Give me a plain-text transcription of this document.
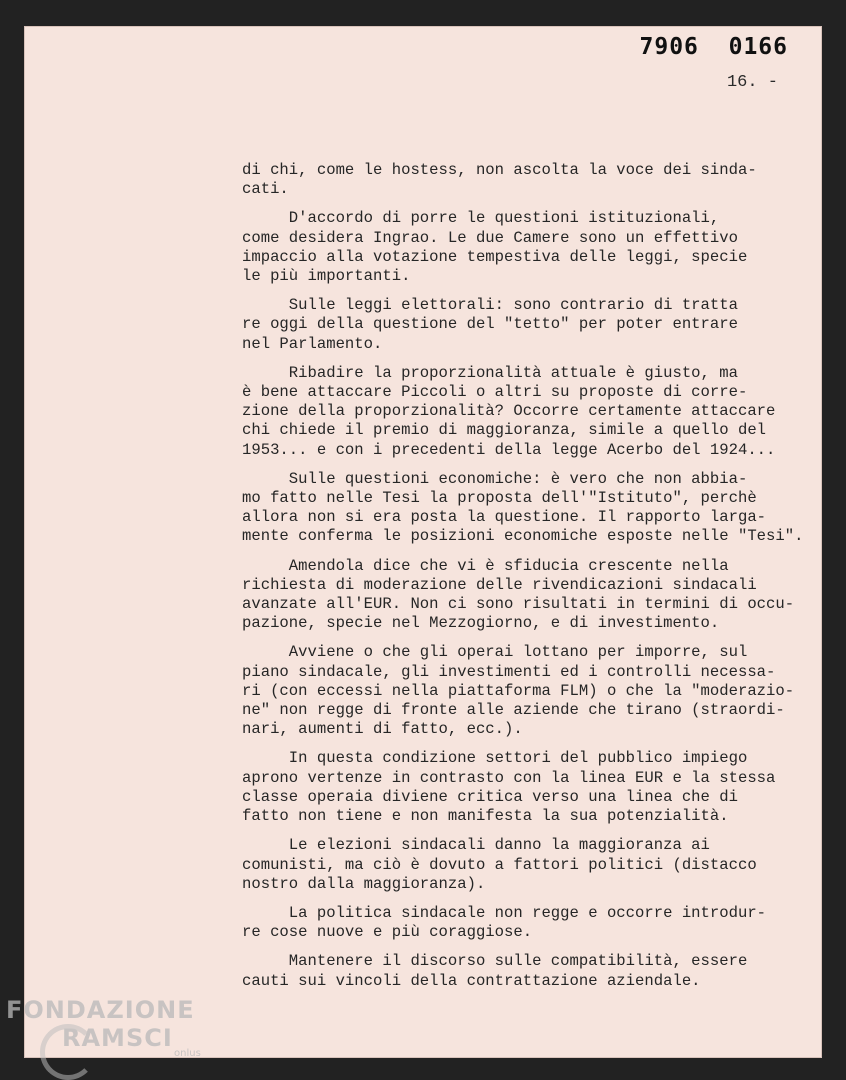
7906  0166
16. -

di chi, come le hostess, non ascolta la voce dei sinda-
cati.

D'accordo di porre le questioni istituzionali,
come desidera Ingrao. Le due Camere sono un effettivo
impaccio alla votazione tempestiva delle leggi, specie
le più importanti.

Sulle leggi elettorali: sono contrario di tratta
re oggi della questione del "tetto" per poter entrare
nel Parlamento.

Ribadire la proporzionalità attuale è giusto, ma
è bene attaccare Piccoli o altri su proposte di corre-
zione della proporzionalità? Occorre certamente attaccare
chi chiede il premio di maggioranza, simile a quello del
1953... e con i precedenti della legge Acerbo del 1924...

Sulle questioni economiche: è vero che non abbia-
mo fatto nelle Tesi la proposta dell'"Istituto", perchè
allora non si era posta la questione. Il rapporto larga-
mente conferma le posizioni economiche esposte nelle "Tesi".

Amendola dice che vi è sfiducia crescente nella
richiesta di moderazione delle rivendicazioni sindacali
avanzate all'EUR. Non ci sono risultati in termini di occu-
pazione, specie nel Mezzogiorno, e di investimento.

Avviene o che gli operai lottano per imporre, sul
piano sindacale, gli investimenti ed i controlli necessa-
ri (con eccessi nella piattaforma FLM) o che la "moderazio-
ne" non regge di fronte alle aziende che tirano (straordi-
nari, aumenti di fatto, ecc.).

In questa condizione settori del pubblico impiego
aprono vertenze in contrasto con la linea EUR e la stessa
classe operaia diviene critica verso una linea che di
fatto non tiene e non manifesta la sua potenzialità.

Le elezioni sindacali danno la maggioranza ai
comunisti, ma ciò è dovuto a fattori politici (distacco
nostro dalla maggioranza).

La politica sindacale non regge e occorre introdur-
re cose nuove e più coraggiose.

Mantenere il discorso sulle compatibilità, essere
cauti sui vincoli della contrattazione aziendale.

FONDAZIONE
RAMSCI
onlus
